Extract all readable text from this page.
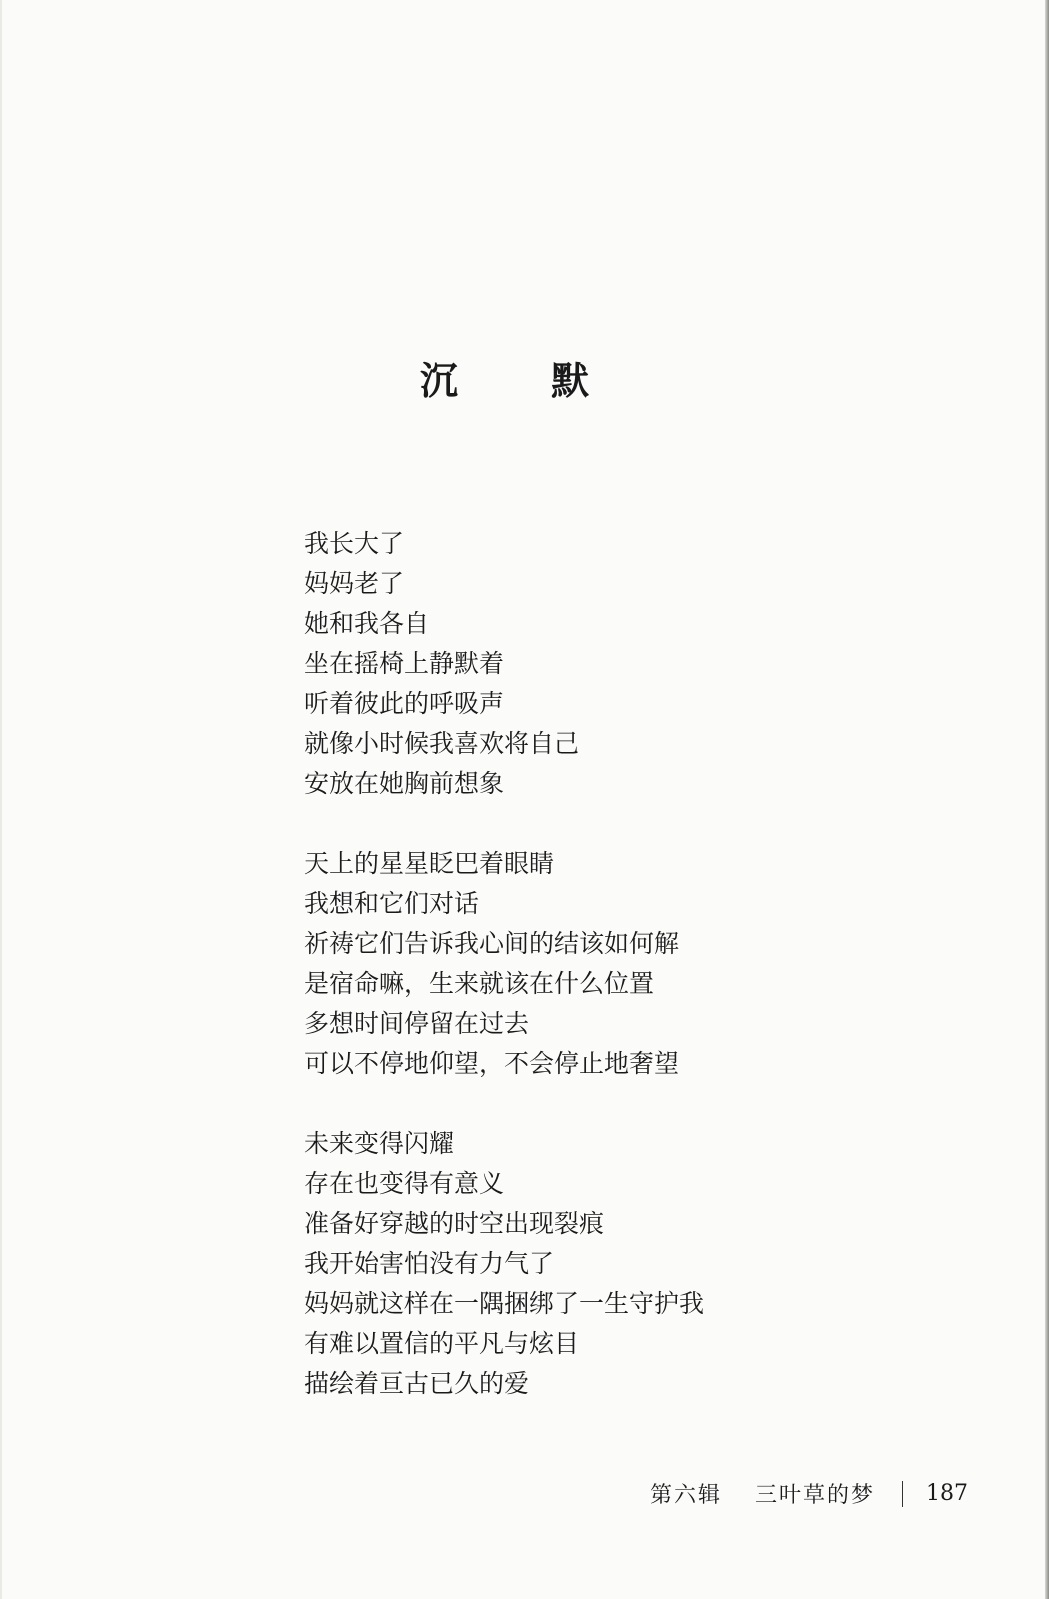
沉 默
我长大了
妈妈老了
她和我各自
坐在摇椅上静默着
听着彼此的呼吸声
就像小时候我喜欢将自己
安放在她胸前想象
天上的星星眨巴着眼睛
我想和它们对话
祈祷它们告诉我心间的结该如何解
是宿命嘛，生来就该在什么位置
多想时间停留在过去
可以不停地仰望，不会停止地奢望
未来变得闪耀
存在也变得有意义
准备好穿越的时空出现裂痕
我开始害怕没有力气了
妈妈就这样在一隅捆绑了一生守护我
有难以置信的平凡与炫目
描绘着亘古已久的爱
第六辑 三叶草的梦 187
